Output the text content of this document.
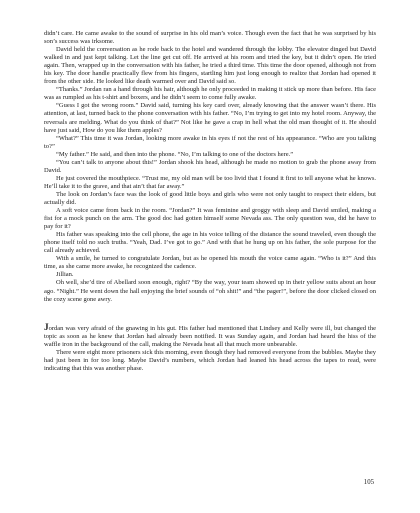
didn’t care. He came awake to the sound of surprise in his old man’s voice. Though even the fact that he was surprised by his son’s success was irksome.

David held the conversation as he rode back to the hotel and wandered through the lobby. The elevator dinged but David walked in and just kept talking. Let the line get cut off. He arrived at his room and tried the key, but it didn’t open. He tried again. Then, wrapped up in the conversation with his father, he tried a third time. This time the door opened, although not from his key. The door handle practically flew from his fingers, startling him just long enough to realize that Jordan had opened it from the other side. He looked like death warmed over and David said so.

“Thanks.” Jordan ran a hand through his hair, although he only proceeded in making it stick up more than before. His face was as rumpled as his t-shirt and boxers, and he didn’t seem to come fully awake.

“Guess I got the wrong room.” David said, turning his key card over, already knowing that the answer wasn’t there. His attention, at last, turned back to the phone conversation with his father. “No, I’m trying to get into my hotel room. Anyway, the reversals are melding. What do you think of that?” Not like he gave a crap in hell what the old man thought of it. He should have just said, How do you like them apples?

“What?” This time it was Jordan, looking more awake in his eyes if not the rest of his appearance. “Who are you talking to?”

“My father.” He said, and then into the phone. “No, I’m talking to one of the doctors here.”

“You can’t talk to anyone about this!” Jordan shook his head, although he made no motion to grab the phone away from David.

He just covered the mouthpiece. “Trust me, my old man will be too livid that I found it first to tell anyone what he knows. He’ll take it to the grave, and that ain’t that far away.”

The look on Jordan’s face was the look of good little boys and girls who were not only taught to respect their elders, but actually did.

A soft voice came from back in the room. “Jordan?” It was feminine and groggy with sleep and David smiled, making a fist for a mock punch on the arm. The good doc had gotten himself some Nevada ass. The only question was, did he have to pay for it?

His father was speaking into the cell phone, the age in his voice telling of the distance the sound traveled, even though the phone itself told no such truths. “Yeah, Dad. I’ve got to go.” And with that he hung up on his father, the sole purpose for the call already achieved.

With a smile, he turned to congratulate Jordan, but as he opened his mouth the voice came again. “Who is it?” And this time, as she came more awake, he recognized the cadence.

Jillian.

Oh well, she’d tire of Abellard soon enough, right? “By the way, your team showed up in their yellow suits about an hour ago. “Night.” He went down the hall enjoying the brief sounds of “oh shit!” and “the pager!”, before the door clicked closed on the cozy scene gone awry.

Jordan was very afraid of the gnawing in his gut. His father had mentioned that Lindsey and Kelly were ill, but changed the topic as soon as he knew that Jordan had already been notified. It was Sunday again, and Jordan had heard the hiss of the waffle iron in the background of the call, making the Nevada heat all that much more unbearable.

There were eight more prisoners sick this morning, even though they had removed everyone from the bubbles. Maybe they had just been in for too long. Maybe David’s numbers, which Jordan had leaned his head across the tapes to read, were indicating that this was another phase.

105
